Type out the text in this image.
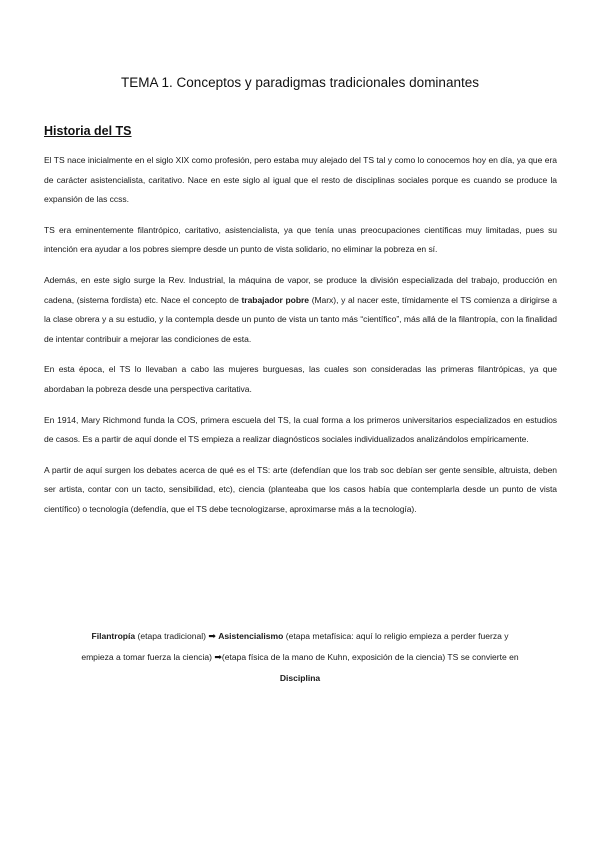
TEMA 1. Conceptos y paradigmas tradicionales dominantes
Historia del TS

El TS nace inicialmente en el siglo XIX como profesión, pero estaba muy alejado del TS tal y como lo conocemos hoy en día, ya que era de carácter asistencialista, caritativo. Nace en este siglo al igual que el resto de disciplinas sociales porque es cuando se produce la expansión de las ccss.

TS era eminentemente filantrópico, caritativo, asistencialista, ya que tenía unas preocupaciones científicas muy limitadas, pues su intención era ayudar a los pobres siempre desde un punto de vista solidario, no eliminar la pobreza en sí.

Además, en este siglo surge la Rev. Industrial, la máquina de vapor, se produce la división especializada del trabajo, producción en cadena, (sistema fordista) etc. Nace el concepto de trabajador pobre (Marx), y al nacer este, tímidamente el TS comienza a dirigirse a la clase obrera y a su estudio, y la contempla desde un punto de vista un tanto más “científico”, más allá de la filantropía, con la finalidad de intentar contribuir a mejorar las condiciones de esta.

En esta época, el TS lo llevaban a cabo las mujeres burguesas, las cuales son consideradas las primeras filantrópicas, ya que abordaban la pobreza desde una perspectiva caritativa.

En 1914, Mary Richmond funda la COS, primera escuela del TS, la cual forma a los primeros universitarios especializados en estudios de casos. Es a partir de aquí donde el TS empieza a realizar diagnósticos sociales individualizados analizándolos empíricamente.

A partir de aquí surgen los debates acerca de qué es el TS: arte (defendían que los trab soc debían ser gente sensible, altruista, deben ser artista, contar con un tacto, sensibilidad, etc), ciencia (planteaba que los casos había que contemplarla desde un punto de vista científico) o tecnología (defendía, que el TS debe tecnologizarse, aproximarse más a la tecnología).

Filantropía (etapa tradicional) ➡ Asistencialismo (etapa metafísica: aquí lo religio empieza a perder fuerza y
empieza a tomar fuerza la ciencia) ➡(etapa física de la mano de Kuhn, exposición de la ciencia) TS se convierte en
Disciplina
